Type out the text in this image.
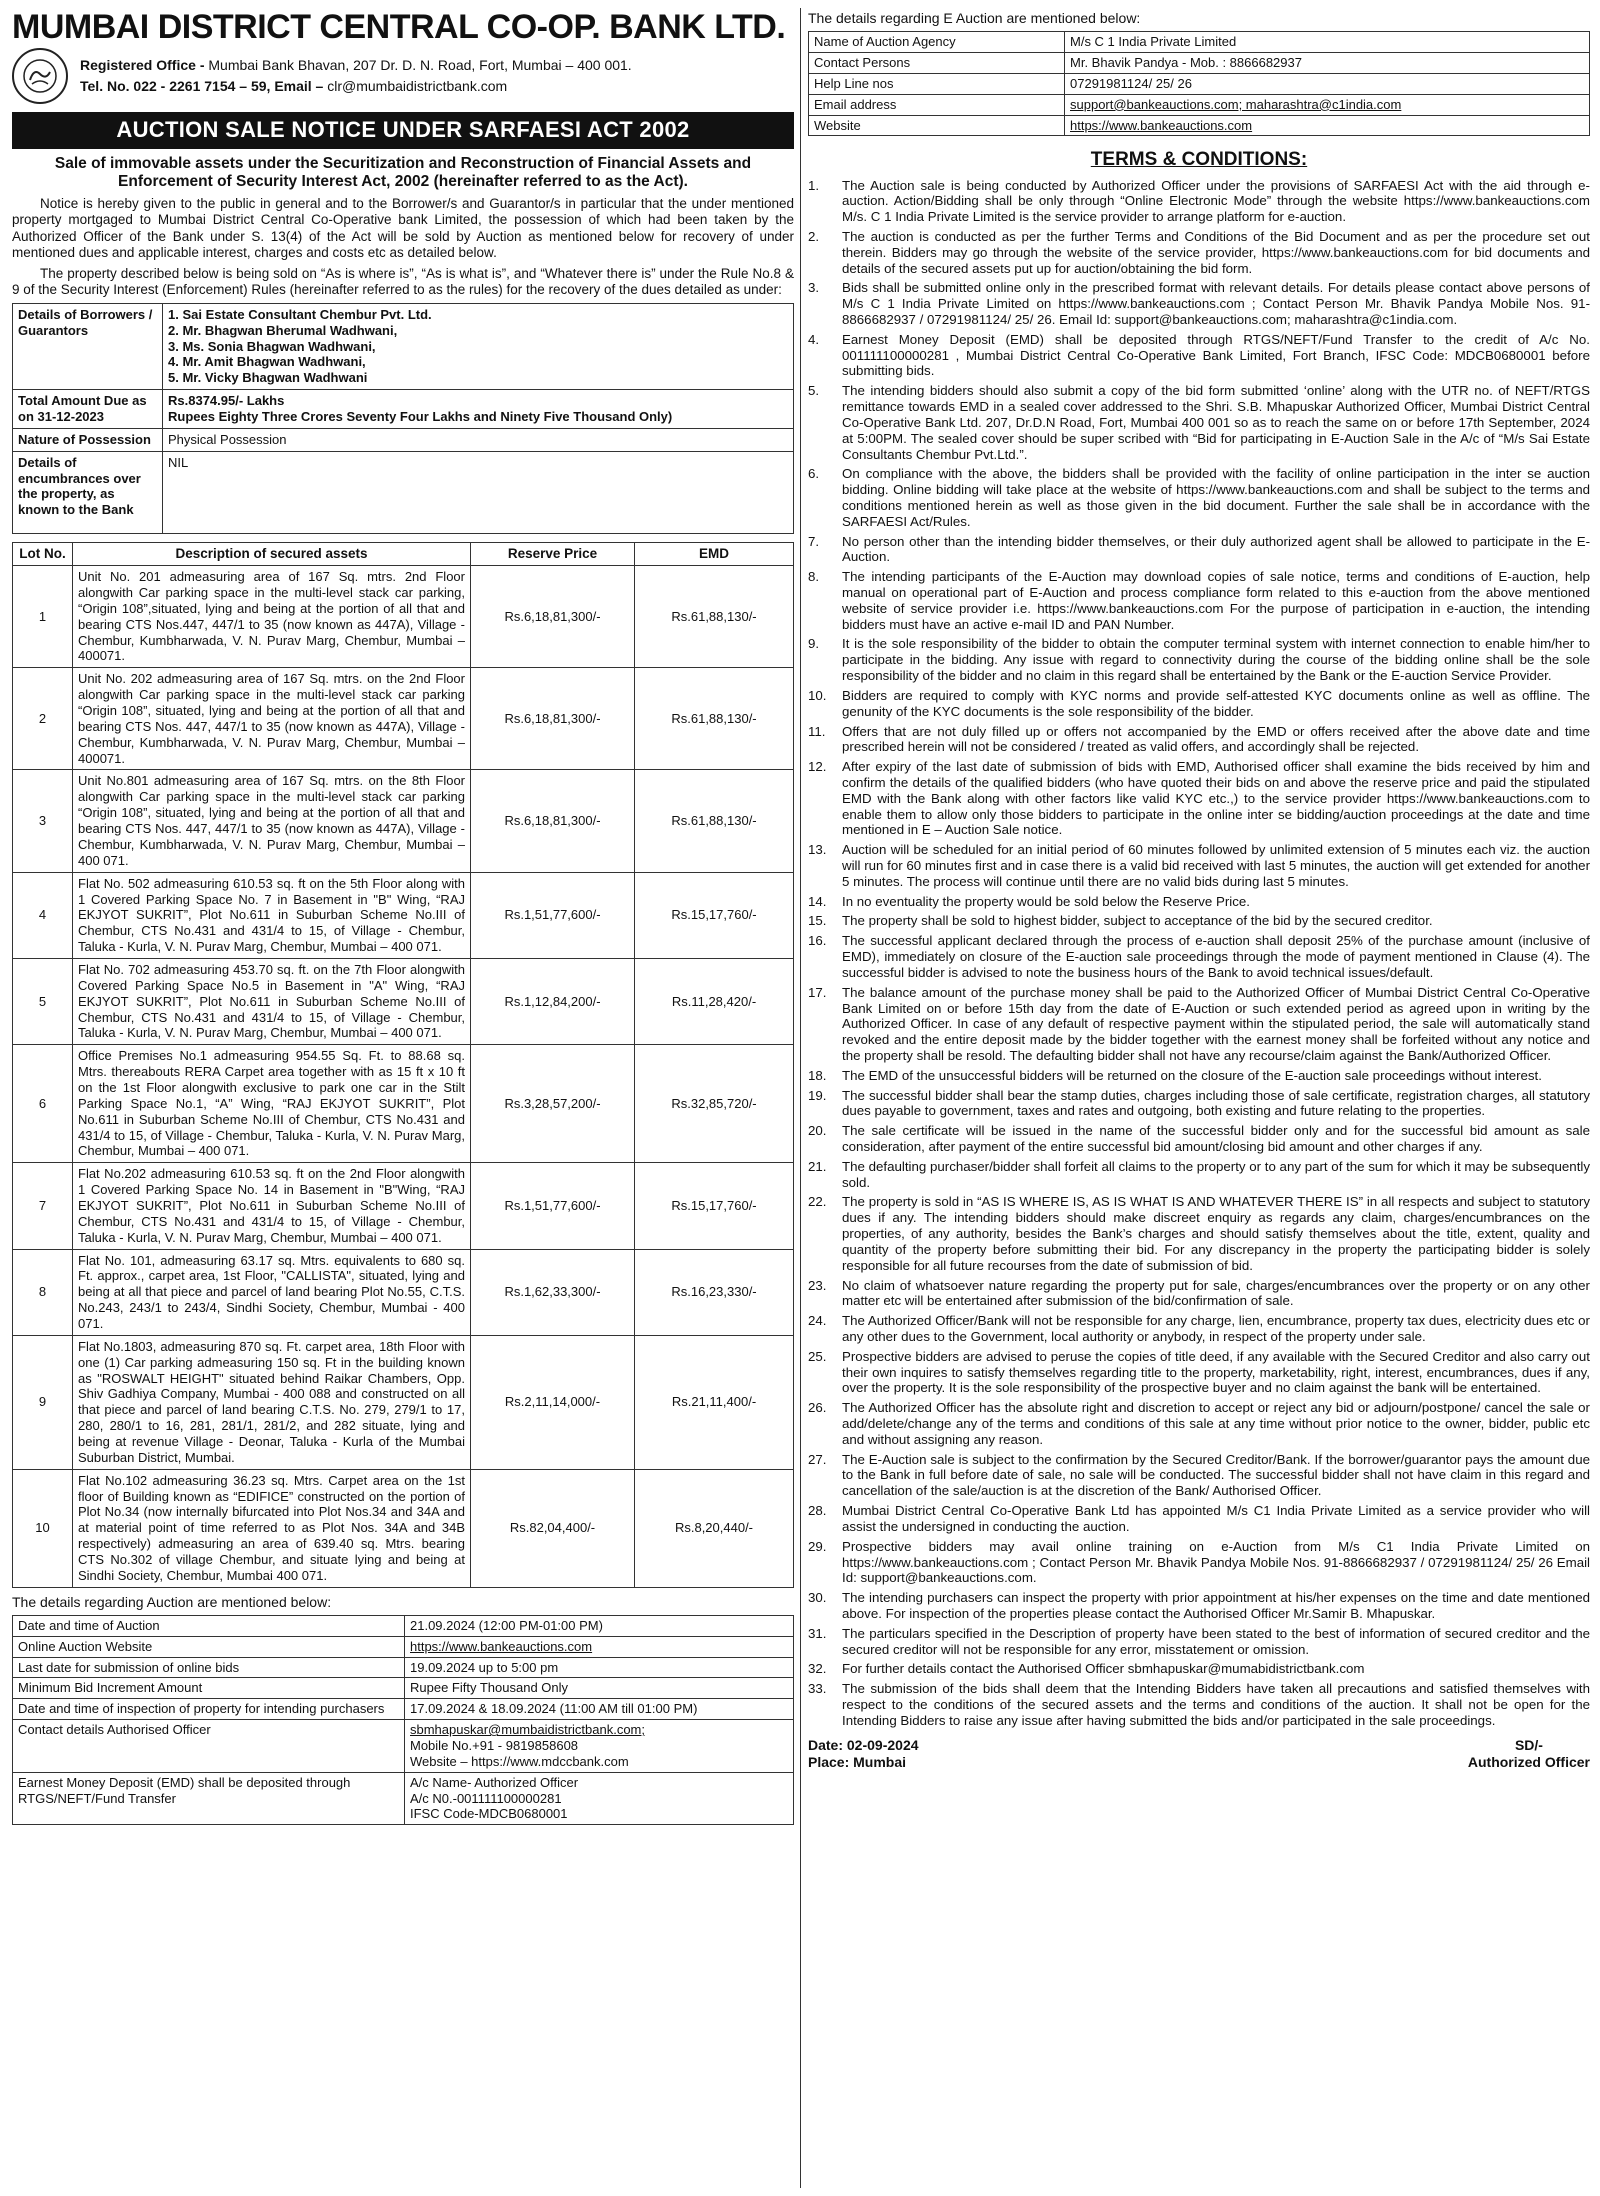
MUMBAI DISTRICT CENTRAL CO-OP. BANK LTD.
Registered Office - Mumbai Bank Bhavan, 207 Dr. D. N. Road, Fort, Mumbai – 400 001.
Tel. No. 022 - 2261 7154 – 59, Email – clr@mumbaidistrictbank.com
AUCTION SALE NOTICE UNDER SARFAESI ACT 2002
Sale of immovable assets under the Securitization and Reconstruction of Financial Assets and Enforcement of Security Interest Act, 2002 (hereinafter referred to as the Act).
Notice is hereby given to the public in general and to the Borrower/s and Guarantor/s in particular that the under mentioned property mortgaged to Mumbai District Central Co-Operative bank Limited, the possession of which had been taken by the Authorized Officer of the Bank under S. 13(4) of the Act will be sold by Auction as mentioned below for recovery of under mentioned dues and applicable interest, charges and costs etc as detailed below.
The property described below is being sold on “As is where is”, “As is what is”, and “Whatever there is” under the Rule No.8 & 9 of the Security Interest (Enforcement) Rules (hereinafter referred to as the rules) for the recovery of the dues detailed as under:
Details of Borrowers / Guarantors	1. Sai Estate Consultant Chembur Pvt. Ltd.
2. Mr. Bhagwan Bherumal Wadhwani,
3. Ms. Sonia Bhagwan Wadhwani,
4. Mr. Amit Bhagwan Wadhwani,
5. Mr. Vicky Bhagwan Wadhwani

Total Amount Due as on 31-12-2023	Rs.8374.95/- Lakhs
Rupees Eighty Three Crores Seventy Four Lakhs and Ninety Five Thousand Only)

Nature of Possession	Physical Possession
Details of encumbrances over the property, as known to the Bank	NIL
Lot No.	Description of secured assets	Reserve Price	EMD
1	Unit No. 201 admeasuring area of 167 Sq. mtrs. 2nd Floor alongwith Car parking space in the multi-level stack car parking, “Origin 108”,situated, lying and being at the portion of all that and bearing CTS Nos.447, 447/1 to 35 (now known as 447A), Village - Chembur, Kumbharwada, V. N. Purav Marg, Chembur, Mumbai – 400071.	Rs.6,18,81,300/-	Rs.61,88,130/-
2	Unit No. 202 admeasuring area of 167 Sq. mtrs. on the 2nd Floor alongwith Car parking space in the multi-level stack car parking “Origin 108”, situated, lying and being at the portion of all that and bearing CTS Nos. 447, 447/1 to 35 (now known as 447A), Village - Chembur, Kumbharwada, V. N. Purav Marg, Chembur, Mumbai – 400071.	Rs.6,18,81,300/-	Rs.61,88,130/-
3	Unit No.801 admeasuring area of 167 Sq. mtrs. on the 8th Floor alongwith Car parking space in the multi-level stack car parking “Origin 108”, situated, lying and being at the portion of all that and bearing CTS Nos. 447, 447/1 to 35 (now known as 447A), Village - Chembur, Kumbharwada, V. N. Purav Marg, Chembur, Mumbai – 400 071.	Rs.6,18,81,300/-	Rs.61,88,130/-
4	Flat No. 502 admeasuring 610.53 sq. ft on the 5th Floor along with 1 Covered Parking Space No. 7 in Basement in "B" Wing, “RAJ EKJYOT SUKRIT”, Plot No.611 in Suburban Scheme No.III of Chembur, CTS No.431 and 431/4 to 15, of Village - Chembur, Taluka - Kurla, V. N. Purav Marg, Chembur, Mumbai – 400 071.	Rs.1,51,77,600/-	Rs.15,17,760/-
5	Flat No. 702 admeasuring 453.70 sq. ft. on the 7th Floor alongwith Covered Parking Space No.5 in Basement in "A" Wing, “RAJ EKJYOT SUKRIT”, Plot No.611 in Suburban Scheme No.III of Chembur, CTS No.431 and 431/4 to 15, of Village - Chembur, Taluka - Kurla, V. N. Purav Marg, Chembur, Mumbai – 400 071.	Rs.1,12,84,200/-	Rs.11,28,420/-
6	Office Premises No.1 admeasuring 954.55 Sq. Ft. to 88.68 sq. Mtrs. thereabouts RERA Carpet area together with as 15 ft x 10 ft on the 1st Floor alongwith exclusive to park one car in the Stilt Parking Space No.1, “A” Wing, “RAJ EKJYOT SUKRIT”, Plot No.611 in Suburban Scheme No.III of Chembur, CTS No.431 and 431/4 to 15, of Village - Chembur, Taluka - Kurla, V. N. Purav Marg, Chembur, Mumbai – 400 071.	Rs.3,28,57,200/-	Rs.32,85,720/-
7	Flat No.202 admeasuring 610.53 sq. ft on the 2nd Floor alongwith 1 Covered Parking Space No. 14 in Basement in "B"Wing, “RAJ EKJYOT SUKRIT”, Plot No.611 in Suburban Scheme No.III of Chembur, CTS No.431 and 431/4 to 15, of Village - Chembur, Taluka - Kurla, V. N. Purav Marg, Chembur, Mumbai – 400 071.	Rs.1,51,77,600/-	Rs.15,17,760/-
8	Flat No. 101, admeasuring 63.17 sq. Mtrs. equivalents to 680 sq. Ft. approx., carpet area, 1st Floor, "CALLISTA", situated, lying and being at all that piece and parcel of land bearing Plot No.55, C.T.S. No.243, 243/1 to 243/4, Sindhi Society, Chembur, Mumbai - 400 071.	Rs.1,62,33,300/-	Rs.16,23,330/-
9	Flat No.1803, admeasuring 870 sq. Ft. carpet area, 18th Floor with one (1) Car parking admeasuring 150 sq. Ft in the building known as "ROSWALT HEIGHT" situated behind Raikar Chambers, Opp. Shiv Gadhiya Company, Mumbai - 400 088 and constructed on all that piece and parcel of land bearing C.T.S. No. 279, 279/1 to 17, 280, 280/1 to 16, 281, 281/1, 281/2, and 282 situate, lying and being at revenue Village - Deonar, Taluka - Kurla of the Mumbai Suburban District, Mumbai.	Rs.2,11,14,000/-	Rs.21,11,400/-
10	Flat No.102 admeasuring 36.23 sq. Mtrs. Carpet area on the 1st floor of Building known as “EDIFICE” constructed on the portion of Plot No.34 (now internally bifurcated into Plot Nos.34 and 34A and at material point of time referred to as Plot Nos. 34A and 34B respectively) admeasuring an area of 639.40 sq. Mtrs. bearing CTS No.302 of village Chembur, and situate lying and being at Sindhi Society, Chembur, Mumbai 400 071.	Rs.82,04,400/-	Rs.8,20,440/-
The details regarding Auction are mentioned below:
Date and time of Auction	21.09.2024 (12:00 PM-01:00 PM)

Online Auction Website	https://www.bankeauctions.com

Last date for submission of online bids	19.09.2024 up to 5:00 pm

Minimum Bid Increment Amount	Rupee Fifty Thousand Only

Date and time of inspection of property for intending purchasers	17.09.2024 & 18.09.2024 (11:00 AM till 01:00 PM)

Contact details Authorised Officer	sbmhapuskar@mumbaidistrictbank.com;
Mobile No.+91 - 9819858608
Website – https://www.mdccbank.com

Earnest Money Deposit (EMD) shall be deposited through RTGS/NEFT/Fund Transfer	A/c Name- Authorized Officer
A/c N0.-001111100000281
IFSC Code-MDCB0680001
The details regarding E Auction are mentioned below:
Name of Auction Agency	M/s C 1 India Private Limited
Contact Persons	Mr. Bhavik Pandya - Mob. : 8866682937
Help Line nos	07291981124/ 25/ 26
Email address	support@bankeauctions.com; maharashtra@c1india.com
Website	https://www.bankeauctions.com
TERMS & CONDITIONS:
1.	The Auction sale is being conducted by Authorized Officer under the provisions of SARFAESI Act with the aid through e-auction. Action/Bidding shall be only through “Online Electronic Mode” through the website https://www.bankeauctions.com M/s. C 1 India Private Limited is the service provider to arrange platform for e-auction.
2.	The auction is conducted as per the further Terms and Conditions of the Bid Document and as per the procedure set out therein. Bidders may go through the website of the service provider, https://www.bankeauctions.com for bid documents and details of the secured assets put up for auction/obtaining the bid form.
3.	Bids shall be submitted online only in the prescribed format with relevant details. For details please contact above persons of M/s C 1 India Private Limited on https://www.bankeauctions.com ; Contact Person Mr. Bhavik Pandya Mobile Nos. 91-8866682937 / 07291981124/ 25/ 26. Email Id: support@bankeauctions.com; maharashtra@c1india.com.
4.	Earnest Money Deposit (EMD) shall be deposited through RTGS/NEFT/Fund Transfer to the credit of A/c No. 001111100000281 , Mumbai District Central Co-Operative Bank Limited, Fort Branch, IFSC Code: MDCB0680001 before submitting bids.
5.	The intending bidders should also submit a copy of the bid form submitted ‘online’ along with the UTR no. of NEFT/RTGS remittance towards EMD in a sealed cover addressed to the Shri. S.B. Mhapuskar Authorized Officer, Mumbai District Central Co-Operative Bank Ltd. 207, Dr.D.N Road, Fort, Mumbai 400 001 so as to reach the same on or before 17th September, 2024 at 5:00PM. The sealed cover should be super scribed with “Bid for participating in E-Auction Sale in the A/c of “M/s Sai Estate Consultants Chembur Pvt.Ltd.”.
6.	On compliance with the above, the bidders shall be provided with the facility of online participation in the inter se auction bidding. Online bidding will take place at the website of https://www.bankeauctions.com and shall be subject to the terms and conditions mentioned herein as well as those given in the bid document. Further the sale shall be in accordance with the SARFAESI Act/Rules.
7.	No person other than the intending bidder themselves, or their duly authorized agent shall be allowed to participate in the E-Auction.
8.	The intending participants of the E-Auction may download copies of sale notice, terms and conditions of E-auction, help manual on operational part of E-Auction and process compliance form related to this e-auction from the above mentioned website of service provider i.e. https://www.bankeauctions.com For the purpose of participation in e-auction, the intending bidders must have an active e-mail ID and PAN Number.
9.	It is the sole responsibility of the bidder to obtain the computer terminal system with internet connection to enable him/her to participate in the bidding. Any issue with regard to connectivity during the course of the bidding online shall be the sole responsibility of the bidder and no claim in this regard shall be entertained by the Bank or the E-auction Service Provider.
10.	Bidders are required to comply with KYC norms and provide self-attested KYC documents online as well as offline. The genunity of the KYC documents is the sole responsibility of the bidder.
11.	Offers that are not duly filled up or offers not accompanied by the EMD or offers received after the above date and time prescribed herein will not be considered / treated as valid offers, and accordingly shall be rejected.
12.	After expiry of the last date of submission of bids with EMD, Authorised officer shall examine the bids received by him and confirm the details of the qualified bidders (who have quoted their bids on and above the reserve price and paid the stipulated EMD with the Bank along with other factors like valid KYC etc.,) to the service provider https://www.bankeauctions.com to enable them to allow only those bidders to participate in the online inter se bidding/auction proceedings at the date and time mentioned in E – Auction Sale notice.
13.	Auction will be scheduled for an initial period of 60 minutes followed by unlimited extension of 5 minutes each viz. the auction will run for 60 minutes first and in case there is a valid bid received with last 5 minutes, the auction will get extended for another 5 minutes. The process will continue until there are no valid bids during last 5 minutes.
14.	In no eventuality the property would be sold below the Reserve Price.
15.	The property shall be sold to highest bidder, subject to acceptance of the bid by the secured creditor.
16.	The successful applicant declared through the process of e-auction shall deposit 25% of the purchase amount (inclusive of EMD), immediately on closure of the E-auction sale proceedings through the mode of payment mentioned in Clause (4). The successful bidder is advised to note the business hours of the Bank to avoid technical issues/default.
17.	The balance amount of the purchase money shall be paid to the Authorized Officer of Mumbai District Central Co-Operative Bank Limited on or before 15th day from the date of E-Auction or such extended period as agreed upon in writing by the Authorized Officer. In case of any default of respective payment within the stipulated period, the sale will automatically stand revoked and the entire deposit made by the bidder together with the earnest money shall be forfeited without any notice and the property shall be resold. The defaulting bidder shall not have any recourse/claim against the Bank/Authorized Officer.
18.	The EMD of the unsuccessful bidders will be returned on the closure of the E-auction sale proceedings without interest.
19.	The successful bidder shall bear the stamp duties, charges including those of sale certificate, registration charges, all statutory dues payable to government, taxes and rates and outgoing, both existing and future relating to the properties.
20.	The sale certificate will be issued in the name of the successful bidder only and for the successful bid amount as sale consideration, after payment of the entire successful bid amount/closing bid amount and other charges if any.
21.	The defaulting purchaser/bidder shall forfeit all claims to the property or to any part of the sum for which it may be subsequently sold.
22.	The property is sold in “AS IS WHERE IS, AS IS WHAT IS AND WHATEVER THERE IS” in all respects and subject to statutory dues if any. The intending bidders should make discreet enquiry as regards any claim, charges/encumbrances on the properties, of any authority, besides the Bank’s charges and should satisfy themselves about the title, extent, quality and quantity of the property before submitting their bid. For any discrepancy in the property the participating bidder is solely responsible for all future recourses from the date of submission of bid.
23.	No claim of whatsoever nature regarding the property put for sale, charges/encumbrances over the property or on any other matter etc will be entertained after submission of the bid/confirmation of sale.
24.	The Authorized Officer/Bank will not be responsible for any charge, lien, encumbrance, property tax dues, electricity dues etc or any other dues to the Government, local authority or anybody, in respect of the property under sale.
25.	Prospective bidders are advised to peruse the copies of title deed, if any available with the Secured Creditor and also carry out their own inquires to satisfy themselves regarding title to the property, marketability, right, interest, encumbrances, dues if any, over the property. It is the sole responsibility of the prospective buyer and no claim against the bank will be entertained.
26.	The Authorized Officer has the absolute right and discretion to accept or reject any bid or adjourn/postpone/ cancel the sale or add/delete/change any of the terms and conditions of this sale at any time without prior notice to the owner, bidder, public etc and without assigning any reason.
27.	The E-Auction sale is subject to the confirmation by the Secured Creditor/Bank. If the borrower/guarantor pays the amount due to the Bank in full before date of sale, no sale will be conducted. The successful bidder shall not have claim in this regard and cancellation of the sale/auction is at the discretion of the Bank/ Authorised Officer.
28.	Mumbai District Central Co-Operative Bank Ltd has appointed M/s C1 India Private Limited as a service provider who will assist the undersigned in conducting the auction.
29.	Prospective bidders may avail online training on e-Auction from M/s C1 India Private Limited on https://www.bankeauctions.com ; Contact Person Mr. Bhavik Pandya Mobile Nos. 91-8866682937 / 07291981124/ 25/ 26 Email Id: support@bankeauctions.com.
30.	The intending purchasers can inspect the property with prior appointment at his/her expenses on the time and date mentioned above. For inspection of the properties please contact the Authorised Officer Mr.Samir B. Mhapuskar.
31.	The particulars specified in the Description of property have been stated to the best of information of secured creditor and the secured creditor will not be responsible for any error, misstatement or omission.
32.	For further details contact the Authorised Officer sbmhapuskar@mumabidistrictbank.com
33.	The submission of the bids shall deem that the Intending Bidders have taken all precautions and satisfied themselves with respect to the conditions of the secured assets and the terms and conditions of the auction. It shall not be open for the Intending Bidders to raise any issue after having submitted the bids and/or participated in the sale proceedings.
Date: 02-09-2024
Place: Mumbai
SD/-
Authorized Officer
